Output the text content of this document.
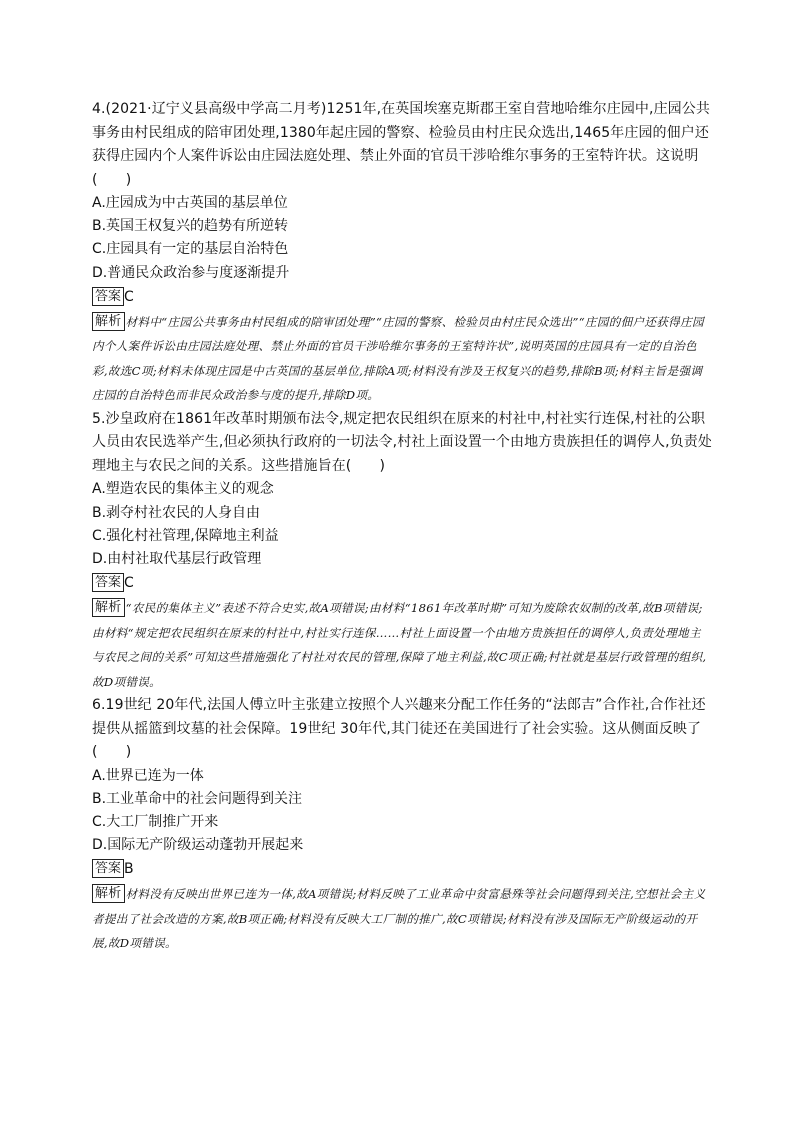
4.(2021·辽宁义县高级中学高二月考)1251年,在英国埃塞克斯郡王室自营地哈维尔庄园中,庄园公共事务由村民组成的陪审团处理,1380年起庄园的警察、检验员由村庄民众选出,1465年庄园的佃户还获得庄园内个人案件诉讼由庄园法庭处理、禁止外面的官员干涉哈维尔事务的王室特许状。这说明(　　)

A.庄园成为中古英国的基层单位

B.英国王权复兴的趋势有所逆转

C.庄园具有一定的基层自治特色

D.普通民众政治参与度逐渐提升

答案 C

解析 材料中“庄园公共事务由村民组成的陪审团处理”“庄园的警察、检验员由村庄民众选出”“庄园的佃户还获得庄园内个人案件诉讼由庄园法庭处理、禁止外面的官员干涉哈维尔事务的王室特许状”,说明英国的庄园具有一定的自治色彩,故选C项;材料未体现庄园是中古英国的基层单位,排除A项;材料没有涉及王权复兴的趋势,排除B项;材料主旨是强调庄园的自治特色而非民众政治参与度的提升,排除D项。

5.沙皇政府在1861年改革时期颁布法令,规定把农民组织在原来的村社中,村社实行连保,村社的公职人员由农民选举产生,但必须执行政府的一切法令,村社上面设置一个由地方贵族担任的调停人,负责处理地主与农民之间的关系。这些措施旨在(　　)

A.塑造农民的集体主义的观念

B.剥夺村社农民的人身自由

C.强化村社管理,保障地主利益

D.由村社取代基层行政管理

答案 C

解析 “农民的集体主义”表述不符合史实,故A项错误;由材料“1861年改革时期”可知为废除农奴制的改革,故B项错误;由材料“规定把农民组织在原来的村社中,村社实行连保……村社上面设置一个由地方贵族担任的调停人,负责处理地主与农民之间的关系”可知这些措施强化了村社对农民的管理,保障了地主利益,故C项正确;村社就是基层行政管理的组织,故D项错误。

6.19世纪 20年代,法国人傅立叶主张建立按照个人兴趣来分配工作任务的“法郎吉”合作社,合作社还提供从摇篮到坟墓的社会保障。19世纪 30年代,其门徒还在美国进行了社会实验。这从侧面反映了(　　)

A.世界已连为一体

B.工业革命中的社会问题得到关注

C.大工厂制推广开来

D.国际无产阶级运动蓬勃开展起来

答案 B

解析 材料没有反映出世界已连为一体,故A项错误;材料反映了工业革命中贫富悬殊等社会问题得到关注,空想社会主义者提出了社会改造的方案,故B项正确;材料没有反映大工厂制的推广,故C项错误;材料没有涉及国际无产阶级运动的开展,故D项错误。
